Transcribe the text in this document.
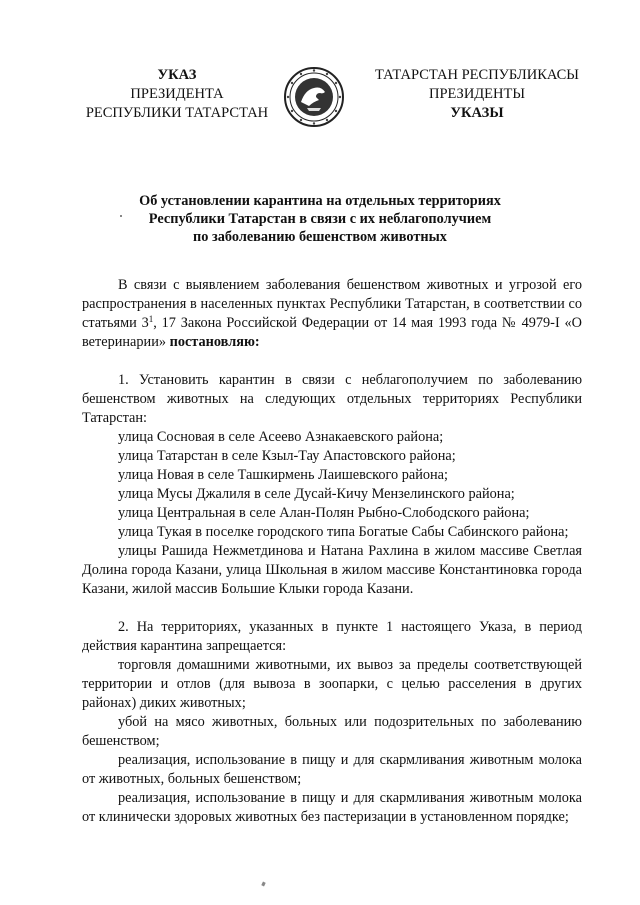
УКАЗ
ПРЕЗИДЕНТА
РЕСПУБЛИКИ ТАТАРСТАН
ТАТАРСТАН РЕСПУБЛИКАСЫ
ПРЕЗИДЕНТЫ
УКАЗЫ
Об установлении карантина на отдельных территориях
Республики Татарстан в связи с их неблагополучием
по заболеванию бешенством животных

В связи с выявлением заболевания бешенством животных и угрозой его распространения в населенных пунктах Республики Татарстан, в соответствии со статьями $3^1$, 17 Закона Российской Федерации от 14 мая 1993 года № 4979-I «О ветеринарии» постановляю:

1. Установить карантин в связи с неблагополучием по заболеванию бешенством животных на следующих отдельных территориях Республики Татарстан:

улица Сосновая в селе Асеево Азнакаевского района;

улица Татарстан в селе Кзыл-Тау Апастовского района;

улица Новая в селе Ташкирмень Лаишевского района;

улица Мусы Джалиля в селе Дусай-Кичу Мензелинского района;

улица Центральная в селе Алан-Полян Рыбно-Слободского района;

улица Тукая в поселке городского типа Богатые Сабы Сабинского района;

улицы Рашида Нежметдинова и Натана Рахлина в жилом массиве Светлая Долина города Казани, улица Школьная в жилом массиве Константиновка города Казани, жилой массив Большие Клыки города Казани.

2. На территориях, указанных в пункте 1 настоящего Указа, в период действия карантина запрещается:

торговля домашними животными, их вывоз за пределы соответствующей территории и отлов (для вывоза в зоопарки, с целью расселения в других районах) диких животных;

убой на мясо животных, больных или подозрительных по заболеванию бешенством;

реализация, использование в пищу и для скармливания животным молока от животных, больных бешенством;

реализация, использование в пищу и для скармливания животным молока от клинически здоровых животных без пастеризации в установленном порядке;
